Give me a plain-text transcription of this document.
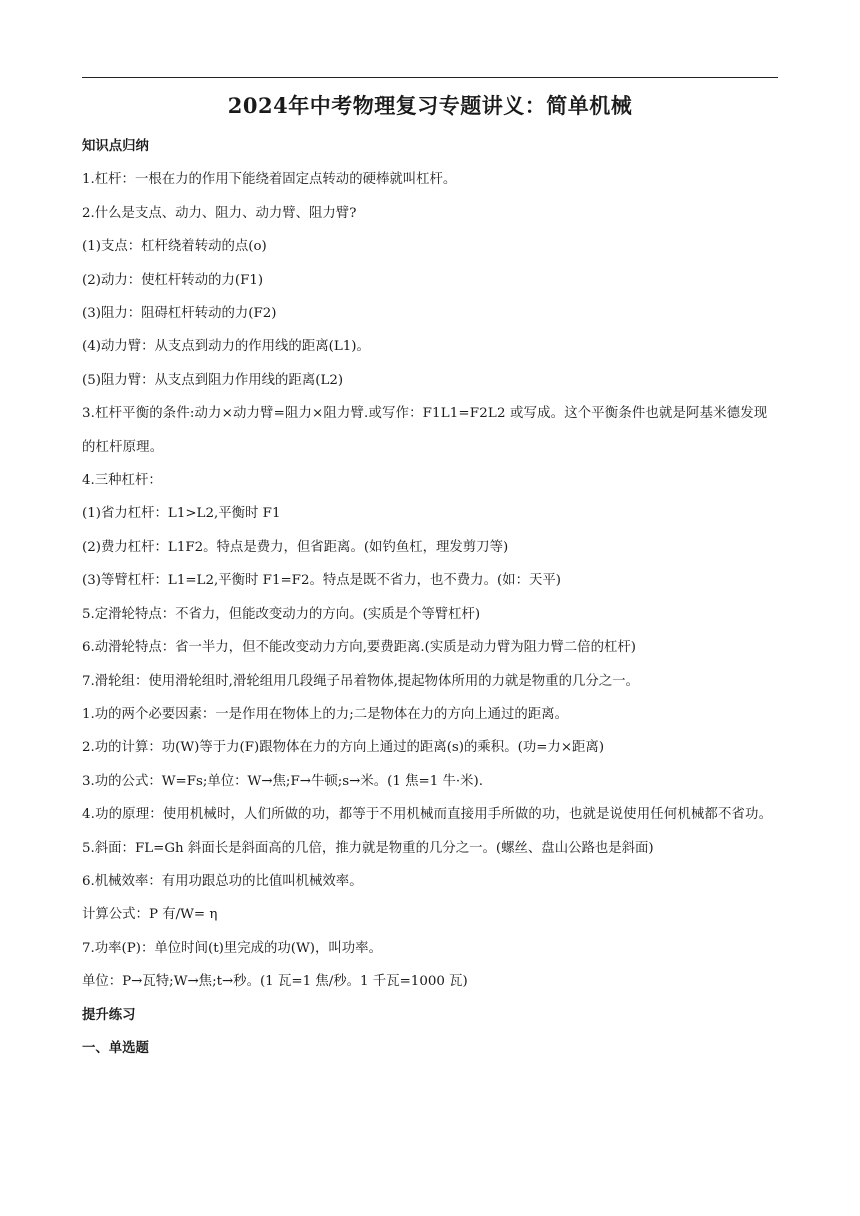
2024年中考物理复习专题讲义：简单机械

知识点归纳

1.杠杆：一根在力的作用下能绕着固定点转动的硬棒就叫杠杆。

2.什么是支点、动力、阻力、动力臂、阻力臂?

(1)支点：杠杆绕着转动的点(o)

(2)动力：使杠杆转动的力(F1)

(3)阻力：阻碍杠杆转动的力(F2)

(4)动力臂：从支点到动力的作用线的距离(L1)。

(5)阻力臂：从支点到阻力作用线的距离(L2)

3.杠杆平衡的条件:动力×动力臂=阻力×阻力臂.或写作：F1L1=F2L2 或写成。这个平衡条件也就是阿基米德发现的杠杆原理。

4.三种杠杆：

(1)省力杠杆：L1>L2,平衡时 F1

(2)费力杠杆：L1F2。特点是费力，但省距离。(如钓鱼杠，理发剪刀等)

(3)等臂杠杆：L1=L2,平衡时 F1=F2。特点是既不省力，也不费力。(如：天平)

5.定滑轮特点：不省力，但能改变动力的方向。(实质是个等臂杠杆)

6.动滑轮特点：省一半力，但不能改变动力方向,要费距离.(实质是动力臂为阻力臂二倍的杠杆)

7.滑轮组：使用滑轮组时,滑轮组用几段绳子吊着物体,提起物体所用的力就是物重的几分之一。

1.功的两个必要因素：一是作用在物体上的力;二是物体在力的方向上通过的距离。

2.功的计算：功(W)等于力(F)跟物体在力的方向上通过的距离(s)的乘积。(功=力×距离)

3.功的公式：W=Fs;单位：W→焦;F→牛顿;s→米。(1 焦=1 牛·米).

4.功的原理：使用机械时，人们所做的功，都等于不用机械而直接用手所做的功，也就是说使用任何机械都不省功。

5.斜面：FL=Gh 斜面长是斜面高的几倍，推力就是物重的几分之一。(螺丝、盘山公路也是斜面)

6.机械效率：有用功跟总功的比值叫机械效率。

计算公式：P 有/W= η

7.功率(P)：单位时间(t)里完成的功(W)，叫功率。

单位：P→瓦特;W→焦;t→秒。(1 瓦=1 焦/秒。1 千瓦=1000 瓦)

提升练习

一、单选题
